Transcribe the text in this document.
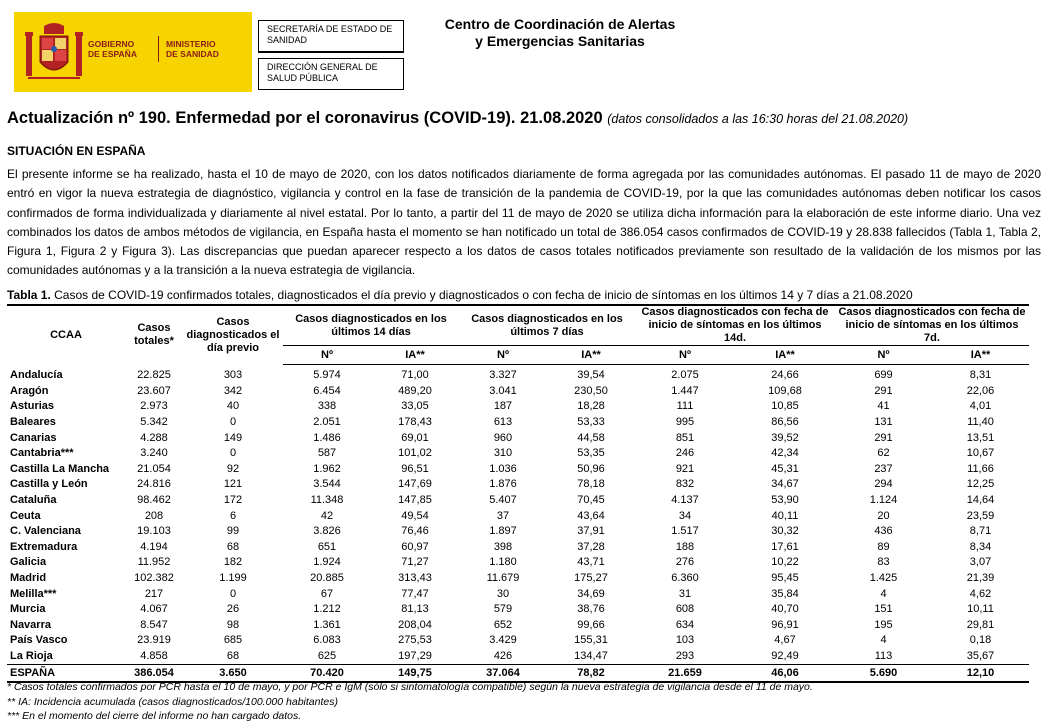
GOBIERNO
DE ESPAÑA
MINISTERIO
DE SANIDAD
SECRETARÍA DE ESTADO DE SANIDAD
DIRECCIÓN GENERAL DE SALUD PÚBLICA
Centro de Coordinación de Alertas
y Emergencias Sanitarias
Actualización nº 190. Enfermedad por el coronavirus (COVID-19). 21.08.2020 (datos consolidados a las 16:30 horas del 21.08.2020)
SITUACIÓN EN ESPAÑA
El presente informe se ha realizado, hasta el 10 de mayo de 2020, con los datos notificados diariamente de forma agregada por las comunidades autónomas. El pasado 11 de mayo de 2020 entró en vigor la nueva estrategia de diagnóstico, vigilancia y control en la fase de transición de la pandemia de COVID-19, por la que las comunidades autónomas deben notificar los casos confirmados de forma individualizada y diariamente al nivel estatal. Por lo tanto, a partir del 11 de mayo de 2020 se utiliza dicha información para la elaboración de este informe diario. Una vez combinados los datos de ambos métodos de vigilancia, en España hasta el momento se han notificado un total de 386.054 casos confirmados de COVID-19 y 28.838 fallecidos (Tabla 1, Tabla 2, Figura 1, Figura 2 y Figura 3). Las discrepancias que puedan aparecer respecto a los datos de casos totales notificados previamente son resultado de la validación de los mismos por las comunidades autónomas y a la transición a la nueva estrategia de vigilancia.
Tabla 1. Casos de COVID-19 confirmados totales, diagnosticados el día previo y diagnosticados o con fecha de inicio de síntomas en los últimos 14 y 7 días a 21.08.2020
CCAA	Casos totales*	Casos diagnosticados el día previo	Casos diagnosticados en los últimos 14 días		Casos diagnosticados en los últimos 7 días		Casos diagnosticados con fecha de inicio de síntomas en los últimos 14d.		Casos diagnosticados con fecha de inicio de síntomas en los últimos 7d.	
			Nº	IA**	Nº	IA**	Nº	IA**	Nº	IA**
Andalucía	22.825	303	5.974	71,00	3.327	39,54	2.075	24,66	699	8,31
Aragón	23.607	342	6.454	489,20	3.041	230,50	1.447	109,68	291	22,06
Asturias	2.973	40	338	33,05	187	18,28	111	10,85	41	4,01
Baleares	5.342	0	2.051	178,43	613	53,33	995	86,56	131	11,40
Canarias	4.288	149	1.486	69,01	960	44,58	851	39,52	291	13,51
Cantabria***	3.240	0	587	101,02	310	53,35	246	42,34	62	10,67
Castilla La Mancha	21.054	92	1.962	96,51	1.036	50,96	921	45,31	237	11,66
Castilla y León	24.816	121	3.544	147,69	1.876	78,18	832	34,67	294	12,25
Cataluña	98.462	172	11.348	147,85	5.407	70,45	4.137	53,90	1.124	14,64
Ceuta	208	6	42	49,54	37	43,64	34	40,11	20	23,59
C. Valenciana	19.103	99	3.826	76,46	1.897	37,91	1.517	30,32	436	8,71
Extremadura	4.194	68	651	60,97	398	37,28	188	17,61	89	8,34
Galicia	11.952	182	1.924	71,27	1.180	43,71	276	10,22	83	3,07
Madrid	102.382	1.199	20.885	313,43	11.679	175,27	6.360	95,45	1.425	21,39
Melilla***	217	0	67	77,47	30	34,69	31	35,84	4	4,62
Murcia	4.067	26	1.212	81,13	579	38,76	608	40,70	151	10,11
Navarra	8.547	98	1.361	208,04	652	99,66	634	96,91	195	29,81
País Vasco	23.919	685	6.083	275,53	3.429	155,31	103	4,67	4	0,18
La Rioja	4.858	68	625	197,29	426	134,47	293	92,49	113	35,67
ESPAÑA	386.054	3.650	70.420	149,75	37.064	78,82	21.659	46,06	5.690	12,10
* Casos totales confirmados por PCR hasta el 10 de mayo, y por PCR e IgM (sólo si sintomatología compatible) según la nueva estrategia de vigilancia desde el 11 de mayo.
** IA: Incidencia acumulada (casos diagnosticados/100.000 habitantes)
*** En el momento del cierre del informe no han cargado datos.
